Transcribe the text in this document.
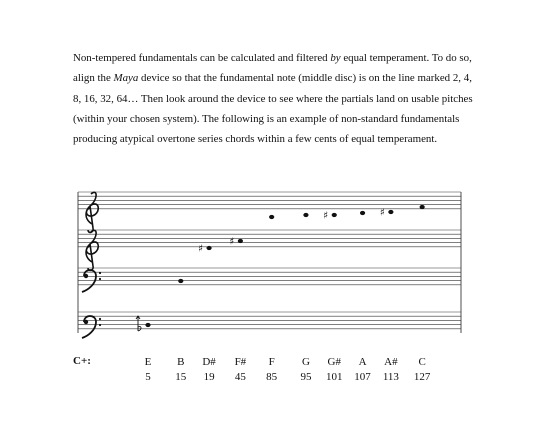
Non-tempered fundamentals can be calculated and filtered by equal temperament. To do so, align the Maya device so that the fundamental note (middle disc) is on the line marked 2, 4, 8, 16, 32, 64… Then look around the device to see where the partials land on usable pitches (within your chosen system). The following is an example of non-standard fundamentals producing atypical overtone series chords within a few cents of equal temperament.
♯
♯
♯	♯
C+:	E
5
B
15
D#
19
F#
45
F
85
G
95
G#
101
A
107
A#
113
C
127
